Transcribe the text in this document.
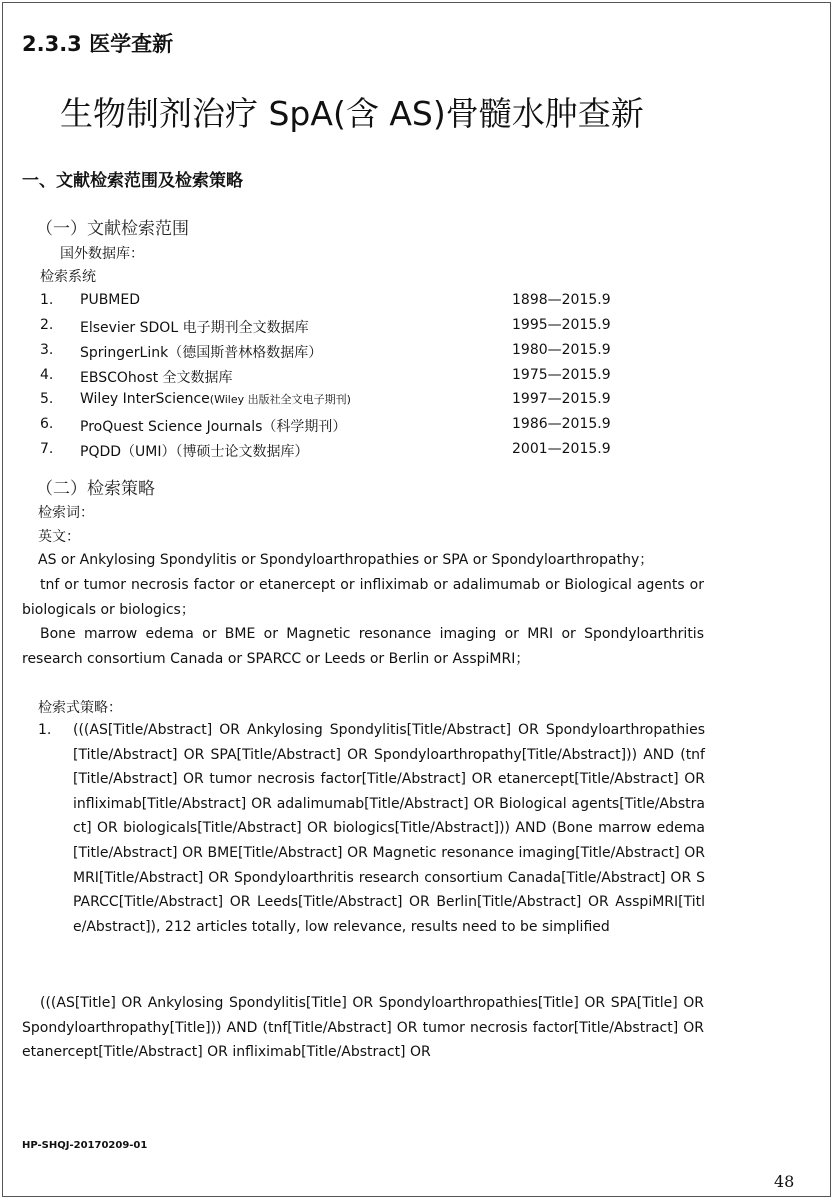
2.3.3 医学查新
生物制剂治疗 SpA(含 AS)骨髓水肿查新
一、文献检索范围及检索策略
（一）文献检索范围
国外数据库：
检索系统
1. PUBMED	1898—2015.9
2. Elsevier SDOL 电子期刊全文数据库	1995—2015.9
3. SpringerLink（德国斯普林格数据库）	1980—2015.9
4. EBSCOhost 全文数据库	1975—2015.9
5. Wiley InterScience(Wiley 出版社全文电子期刊)	1997—2015.9
6. ProQuest Science Journals（科学期刊）	1986—2015.9
7. PQDD（UMI）（博硕士论文数据库）	2001—2015.9
（二）检索策略
检索词：
英文：

AS or Ankylosing Spondylitis or Spondyloarthropathies or SPA or Spondyloarthropathy；

tnf or tumor necrosis factor or etanercept or infliximab or adalimumab or Biological agents or biologicals or biologics；

Bone marrow edema or BME or Magnetic resonance imaging or MRI or Spondyloarthritis research consortium Canada or SPARCC or Leeds or Berlin or AsspiMRI；

检索式策略：
1. (((AS[Title/Abstract] OR Ankylosing Spondylitis[Title/Abstract] OR Spondyloarthropathies[Title/Abstract] OR SPA[Title/Abstract] OR Spondyloarthropathy[Title/Abstract])) AND (tnf[Title/Abstract] OR tumor necrosis factor[Title/Abstract] OR etanercept[Title/Abstract] OR infliximab[Title/Abstract] OR adalimumab[Title/Abstract] OR Biological agents[Title/Abstract] OR biologicals[Title/Abstract] OR biologics[Title/Abstract])) AND (Bone marrow edema[Title/Abstract] OR BME[Title/Abstract] OR Magnetic resonance imaging[Title/Abstract] OR MRI[Title/Abstract] OR Spondyloarthritis research consortium Canada[Title/Abstract] OR SPARCC[Title/Abstract] OR Leeds[Title/Abstract] OR Berlin[Title/Abstract] OR AsspiMRI[Title/Abstract]), 212 articles totally, low relevance, results need to be simplified

(((AS[Title] OR Ankylosing Spondylitis[Title] OR Spondyloarthropathies[Title] OR SPA[Title] OR Spondyloarthropathy[Title])) AND (tnf[Title/Abstract] OR tumor necrosis factor[Title/Abstract] OR etanercept[Title/Abstract] OR infliximab[Title/Abstract] OR

HP-SHQJ-20170209-01
48
